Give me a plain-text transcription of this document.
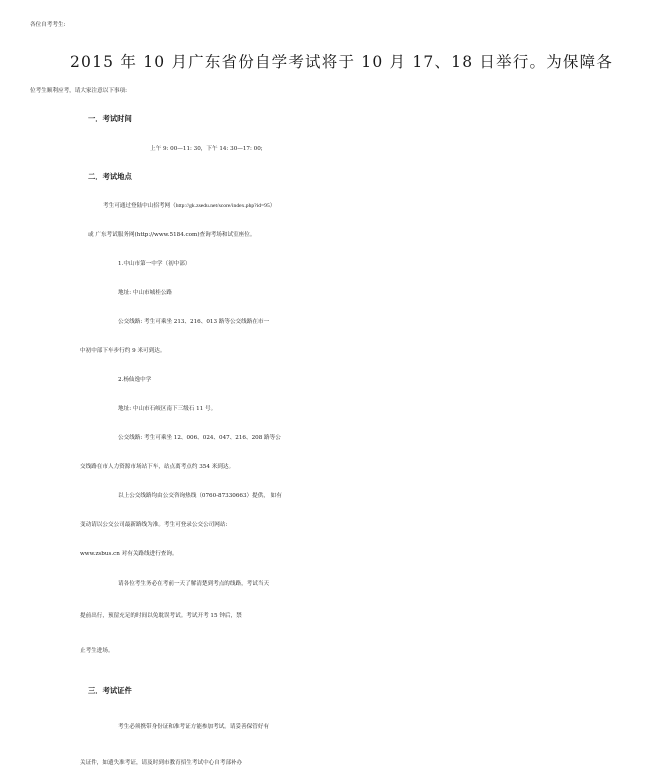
各位自考考生:
2015 年 10 月广东省份自学考试将于 10 月 17、18 日举行。为保障各
位考生顺利应考，请大家注意以下事项:
一．考试时间
上午 9: 00—11: 30，下午 14: 30—17: 00;
二．考试地点
考生可通过登陆中山招考网（http://gk.zsedu.net/score/index.php?id=95）
或 广东考试服务网(http://www.5184.com)查询考场和试室座位。
1.中山市第一中学（初中部）
地址: 中山市城桂公路
公交线路: 考生可乘坐 213、216、013 路等公交线路在市一
中初中部下车步行约 9 米可到达。
2.杨仙逸中学
地址: 中山市石岐区南下三级石 11 号。
公交线路: 考生可乘坐 12、006、024、047、216、208 路等公
交线路在市人力资源市场站下车，站点离考点约 354 米到达。
以上公交线路均由公交咨询热线（0760-87330663）提供， 如有
变动请以公交公司最新路线为准。考生可登录公交公司网站:
www.zsbus.cn 对有关路线进行查询。
请各位考生务必在考前一天了解清楚到考点的线路，考试当天
提前出行，预留充足的时间以免耽误考试。考试开考 15 钟后，禁
止考生进场。
三．考试证件
考生必须携带身份证和准考证方能参加考试。请妥善保管好有
关证件，如遗失准考证，请及时到市教育招生考试中心自考部补办
